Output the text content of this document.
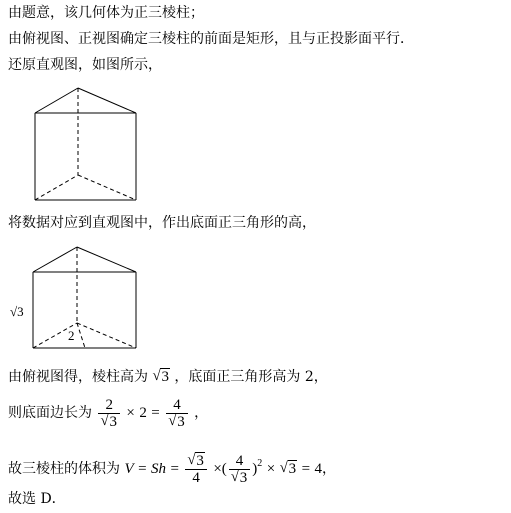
由题意，该几何体为正三棱柱；
由俯视图、正视图确定三棱柱的前面是矩形，且与正投影面平行．
还原直观图，如图所示，
√3
2
将数据对应到直观图中，作出底面正三角形的高，
由俯视图得，棱柱高为 √ 3 ，底面正三角形高为 2，
则底面边长为 $\frac{2}{√ 3} \times 2 = \frac{4}{√ 3}$ ，
故三棱柱的体积为 $V = Sh = \frac{√ 3}{4}$ ×( $\frac{4}{√ 3} )^2$ × √ 3 = 4，
故选 D．
